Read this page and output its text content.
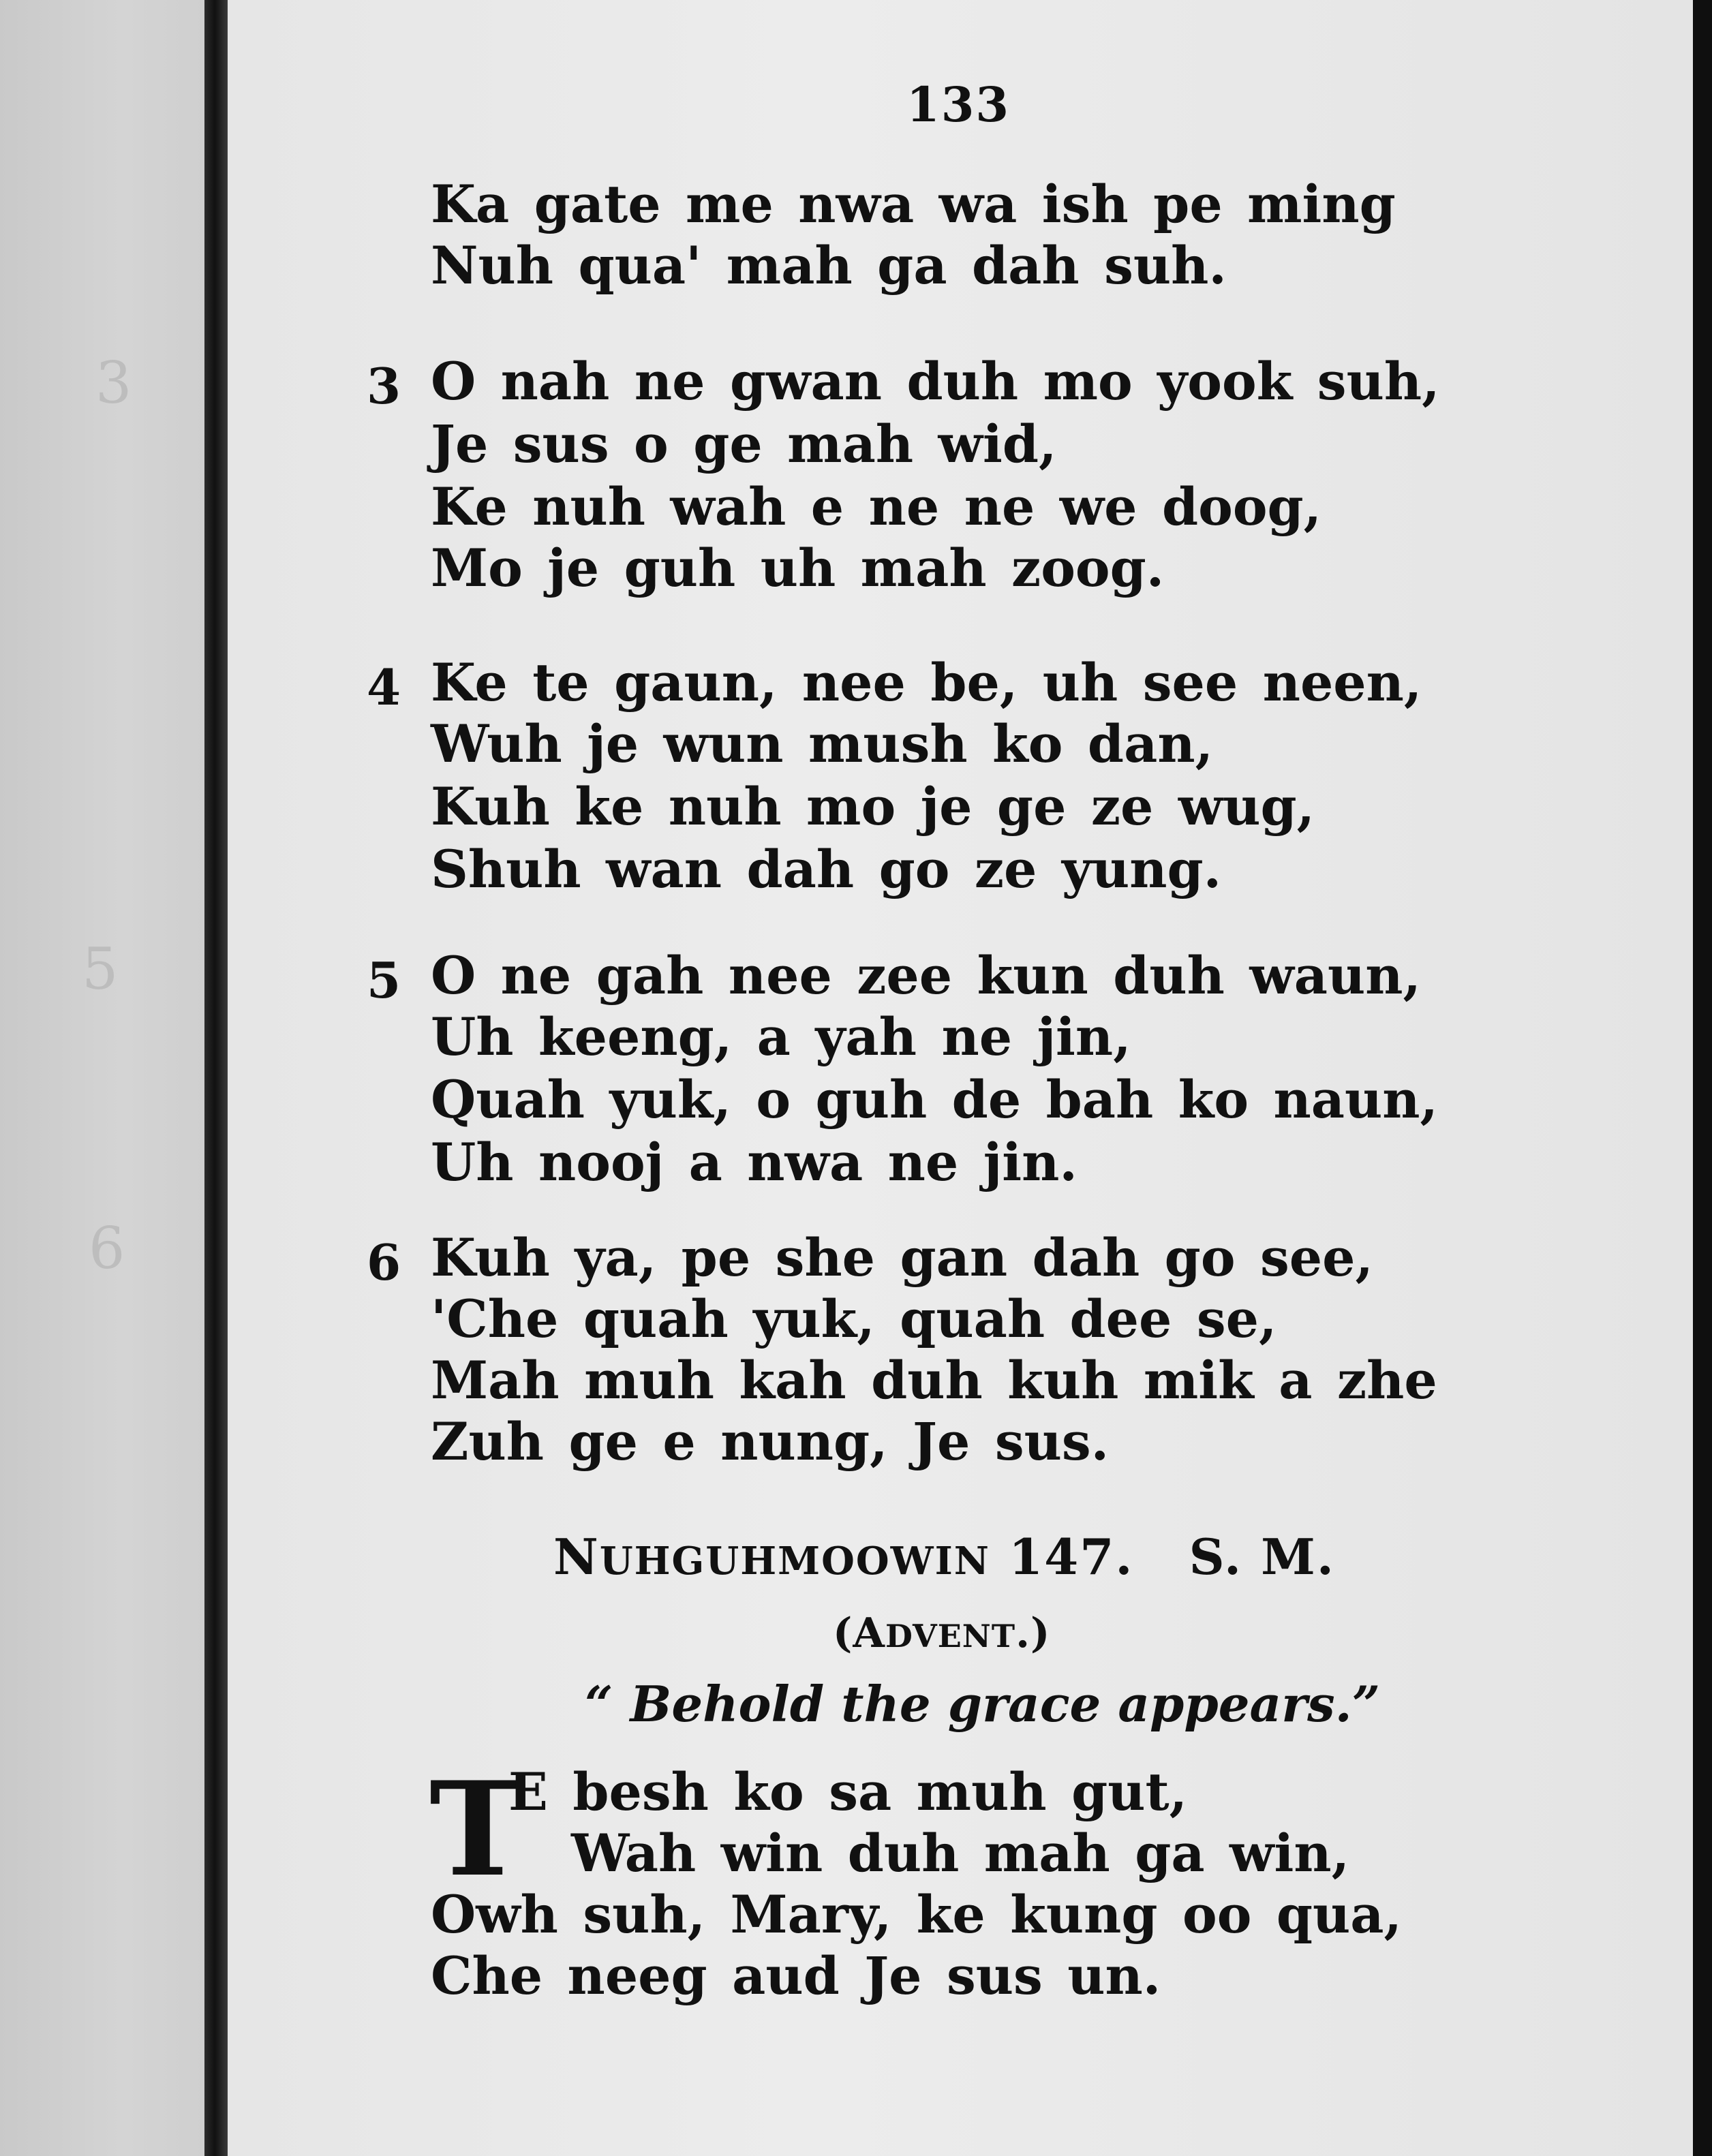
3
5
6
133
Ka gate me nwa wa ish pe ming
Nuh qua' mah ga dah suh.
3 O nah ne gwan duh mo yook suh,
Je sus o ge mah wid,
Ke nuh wah e ne ne we doog,
Mo je guh uh mah zoog.
4 Ke te gaun, nee be, uh see neen,
Wuh je wun mush ko dan,
Kuh ke nuh mo je ge ze wug,
Shuh wan dah go ze yung.
5 O ne gah nee zee kun duh waun,
Uh keeng, a yah ne jin,
Quah yuk, o guh de bah ko naun,
Uh nooj a nwa ne jin.
6 Kuh ya, pe she gan dah go see,
'Che quah yuk, quah dee se,
Mah muh kah duh kuh mik a zhe
Zuh ge e nung, Je sus.
NUHGUHMOOWIN 147. S. M.
(ADVENT.)
“ Behold the grace appears.”
T
E besh ko sa muh gut,
Wah win duh mah ga win,
Owh suh, Mary, ke kung oo qua,
Che neeg aud Je sus un.
